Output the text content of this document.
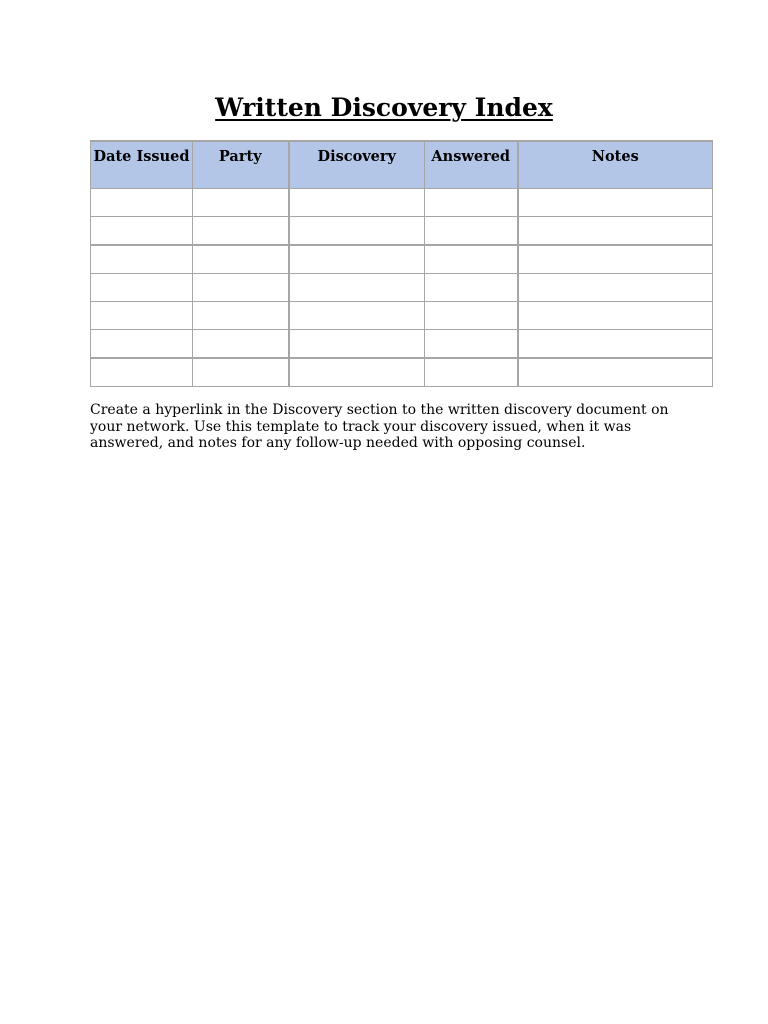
Written Discovery Index
Date Issued	Party	Discovery	Answered	Notes

Create a hyperlink in the Discovery section to the written discovery document on your network. Use this template to track your discovery issued, when it was answered, and notes for any follow-up needed with opposing counsel.
